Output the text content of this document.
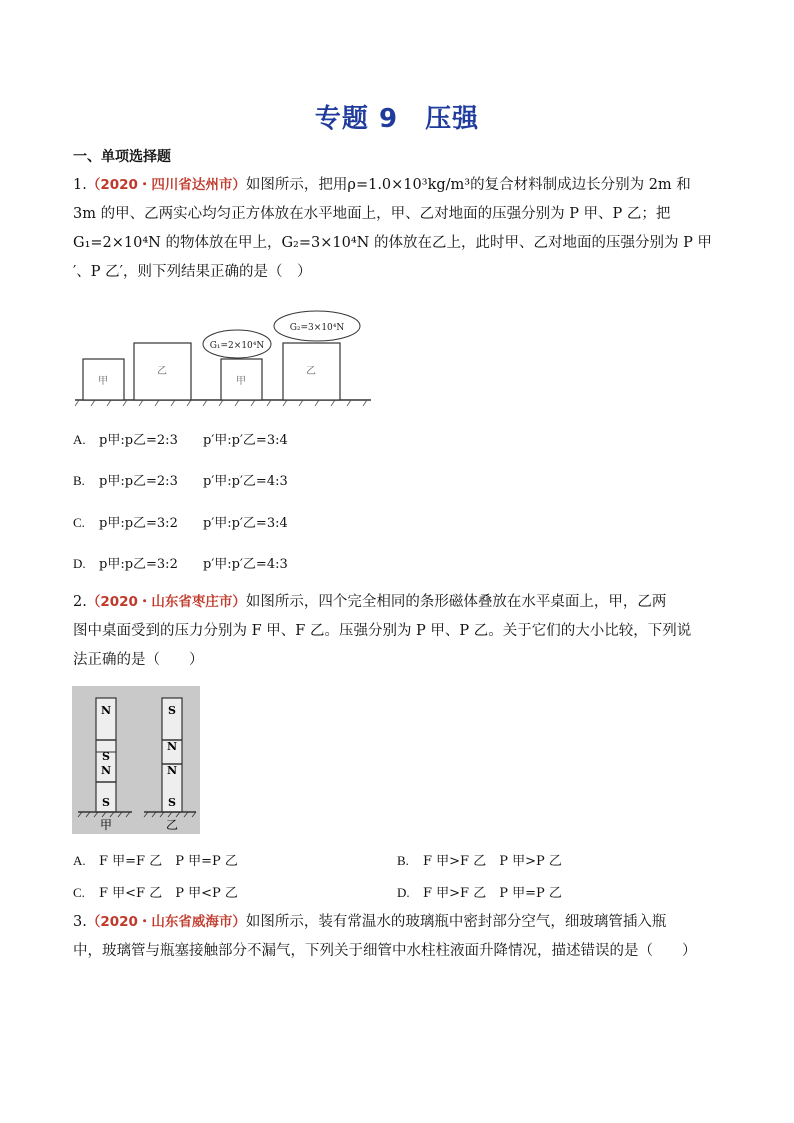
专题 9　压强
一、单项选择题
1.（2020・四川省达州市）如图所示，把用ρ=1.0×10³kg/m³的复合材料制成边长分别为 2m 和
3m 的甲、乙两实心均匀正方体放在水平地面上，甲、乙对地面的压强分别为 P 甲、P 乙；把
G₁=2×10⁴N 的物体放在甲上，G₂=3×10⁴N 的体放在乙上，此时甲、乙对地面的压强分别为 P 甲
′、P 乙′，则下列结果正确的是（　）
甲
乙
甲
G₁=2×10⁴N
乙
G₂=3×10⁴N
A. p甲:p乙=2:3 p′甲:p′乙=3:4
B. p甲:p乙=2:3 p′甲:p′乙=4:3
C. p甲:p乙=3:2 p′甲:p′乙=3:4
D. p甲:p乙=3:2 p′甲:p′乙=4:3
2.（2020・山东省枣庄市）如图所示，四个完全相同的条形磁体叠放在水平桌面上，甲，乙两
图中桌面受到的压力分别为 F 甲、F 乙。压强分别为 P 甲、P 乙。关于它们的大小比较，下列说
法正确的是（　　）
N
S
N
S
S
N
N
S
甲	乙
A. F 甲=F 乙　P 甲=P 乙	B. F 甲>F 乙　P 甲>P 乙
C. F 甲<F 乙　P 甲<P 乙	D. F 甲>F 乙　P 甲=P 乙
3.（2020・山东省威海市）如图所示，装有常温水的玻璃瓶中密封部分空气，细玻璃管插入瓶
中，玻璃管与瓶塞接触部分不漏气，下列关于细管中水柱柱液面升降情况，描述错误的是（　　）
